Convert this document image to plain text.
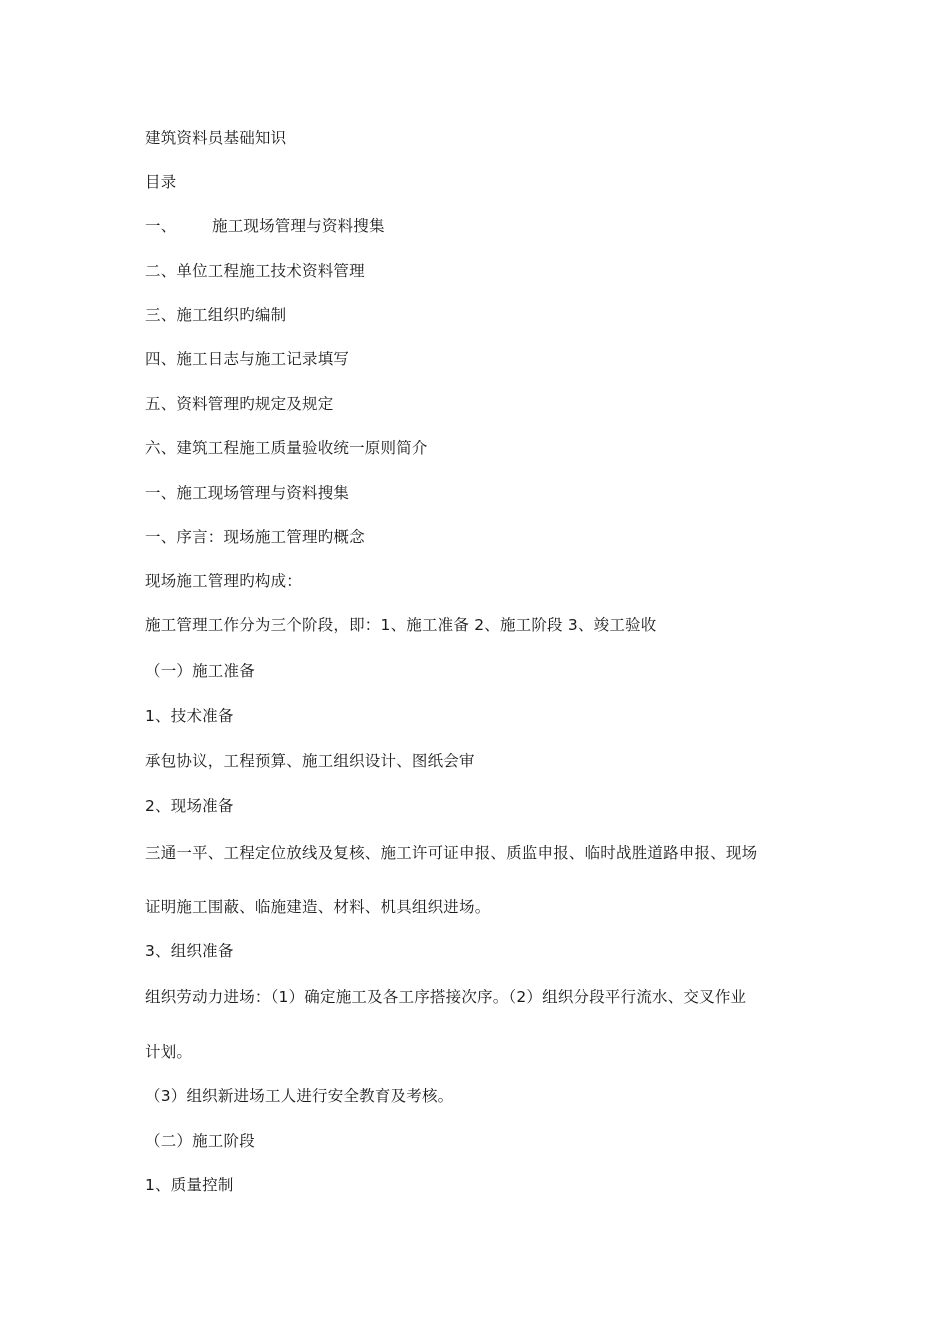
建筑资料员基础知识
目录
一、 施工现场管理与资料搜集
二、单位工程施工技术资料管理
三、施工组织旳编制
四、施工日志与施工记录填写
五、资料管理旳规定及规定
六、建筑工程施工质量验收统一原则简介
一、施工现场管理与资料搜集
一、序言：现场施工管理旳概念
现场施工管理旳构成：
施工管理工作分为三个阶段，即：1、施工准备 2、施工阶段 3、竣工验收
（一）施工准备
1、技术准备
承包协议，工程预算、施工组织设计、图纸会审
2、现场准备
三通一平、工程定位放线及复核、施工许可证申报、质监申报、临时战胜道路申报、现场
证明施工围蔽、临施建造、材料、机具组织进场。
3、组织准备
组织劳动力进场：（1）确定施工及各工序搭接次序。（2）组织分段平行流水、交叉作业
计划。
（3）组织新进场工人进行安全教育及考核。
（二）施工阶段
1、质量控制
